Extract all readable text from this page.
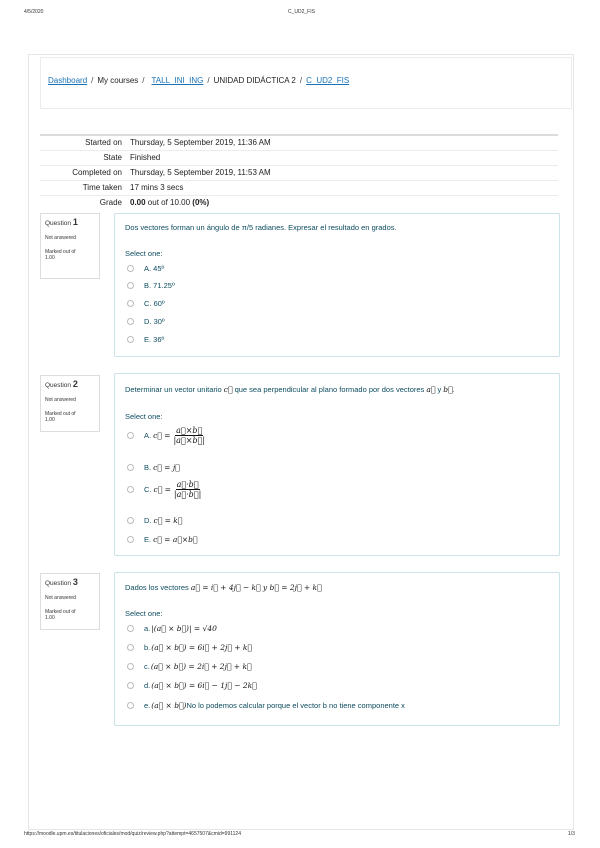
4/5/2020	C_UD2_FIS
Dashboard / My courses / TALL_INI_ING / UNIDAD DIDÁCTICA 2 / C_UD2_FIS
Started on	Thursday, 5 September 2019, 11:36 AM
State	Finished
Completed on	Thursday, 5 September 2019, 11:53 AM
Time taken	17 mins 3 secs
Grade	0.00 out of 10.00 (0%)
Question 1
Not answered
Marked out of
1.00
Dos vectores forman un ángulo de π/5 radianes. Expresar el resultado en grados.
Select one:
A. 45º
B. 71.25º
C. 60º
D. 30º
E. 36º
Question 2
Not answered
Marked out of
1.00
Determinar un vector unitario c⃗ que sea perpendicular al plano formado por dos vectores a⃗ y b⃗.
Select one:
A. c⃗ = $\frac{a⃗\times b⃗}{|a⃗\times b⃗|}$
B. c⃗ = j⃗
C. c⃗ = $\frac{a⃗\cdot b⃗}{|a⃗\cdot b⃗|}$
D. c⃗ = k⃗
E. c⃗ = a⃗×b⃗
Question 3
Not answered
Marked out of
1.00
Dados los vectores a⃗ = i⃗ + 4j⃗ − k⃗ y b⃗ = 2j⃗ + k⃗
Select one:
a. |(a⃗ × b⃗)| = √40
b. (a⃗ × b⃗) = 6i⃗ + 2j⃗ + k⃗
c. (a⃗ × b⃗) = 2i⃗ + 2j⃗ + k⃗
d. (a⃗ × b⃗) = 6i⃗ − 1j⃗ − 2k⃗
e. (a⃗ × b⃗) No lo podemos calcular porque el vector b no tiene componente x
https://moodle.upm.es/titulaciones/oficiales/mod/quiz/review.php?attempt=4657507&cmid=991124	1/3
